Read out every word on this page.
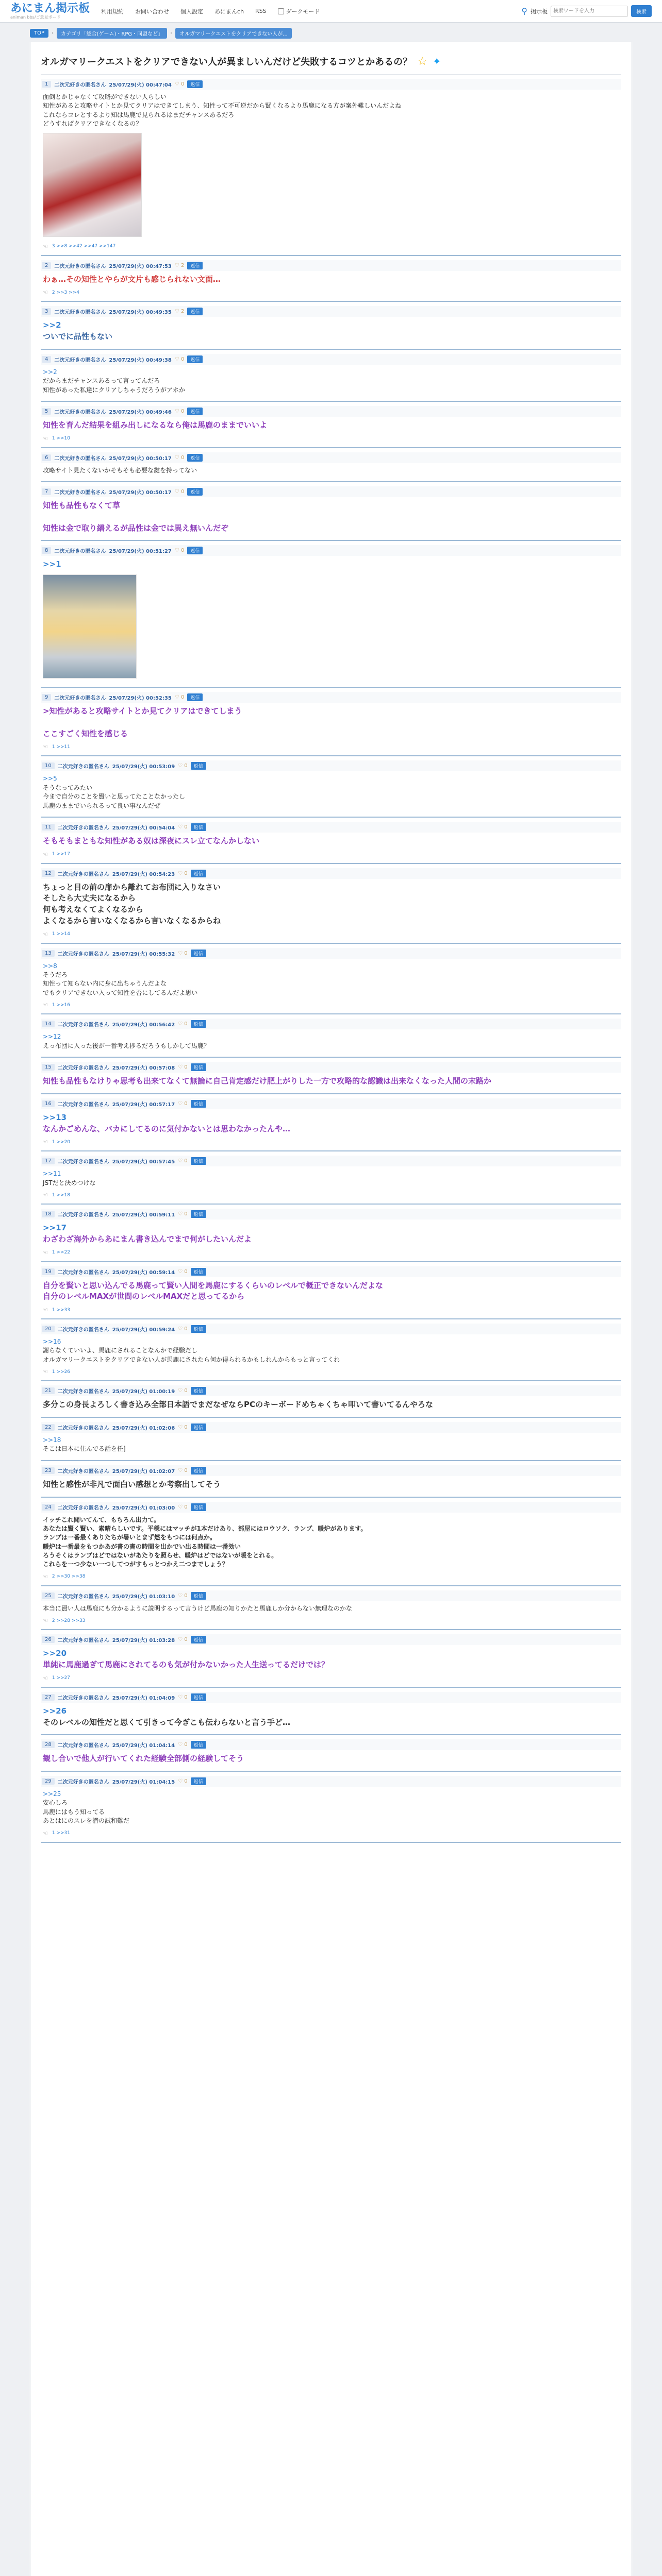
あにまん掲示板
animan bbs/ご意見ボード
利用規約 お問い合わせ 個人設定 あにまんch RSS	ダークモード	⚲ 掲示板
検索ワードを入力	検索
TOP	›	カテゴリ「総合(ゲーム)・RPG・同盟など」	›	オルガマリークエストをクリアできない人が...
オルガマリークエストをクリアできない人が異ましいんだけど失敗するコツとかあるの？ ☆ ✦
1	二次元好きの匿名さん 25/07/29(火) 00:47:04 ♡ 0	返信
面倒とかじゃなくて攻略ができない人らしい
知性があると攻略サイトとか見てクリアはできてしまう、知性って不可逆だから賢くなるより馬鹿になる方が案外難しいんだよね
これならコレとするより知は馬鹿で見られるはまだチャンスあるだろ
どうすればクリアできなくなるの？
☜ 3 >>8 >>42 >>47 >>147
2	二次元好きの匿名さん 25/07/29(火) 00:47:53 ♡ 2	返信
わぁ…その知性とやらが文片も感じられない文面…
☜ 2 >>3 >>4
3	二次元好きの匿名さん 25/07/29(火) 00:49:35 ♡ 2	返信
>>2
ついでに品性もない
4	二次元好きの匿名さん 25/07/29(火) 00:49:38 ♡ 0	返信
>>2
だからまだチャンスあるって言ってんだろ
知性があった私達にクリアしちゃうだろうがアホか
5	二次元好きの匿名さん 25/07/29(火) 00:49:46 ♡ 0	返信
知性を育んだ結果を組み出しになるなら俺は馬鹿のままでいいよ
☜ 1 >>10
6	二次元好きの匿名さん 25/07/29(火) 00:50:17 ♡ 0	返信
攻略サイト見たくないかそもそも必要な鍵を持ってない
7	二次元好きの匿名さん 25/07/29(火) 00:50:17 ♡ 0	返信
知性も品性もなくて草

知性は金で取り繕えるが品性は金では異え無いんだぞ
8	二次元好きの匿名さん 25/07/29(火) 00:51:27 ♡ 0	返信
>>1
9	二次元好きの匿名さん 25/07/29(火) 00:52:35 ♡ 0	返信
>知性があると攻略サイトとか見てクリアはできてしまう

ここすごく知性を感じる
☜ 1 >>11
10	二次元好きの匿名さん 25/07/29(火) 00:53:09 ♡ 0	返信
>>5
そうなってみたい
今まで自分のことを賢いと思ってたことなかったし
馬鹿のままでいられるって良い事なんだぜ
11	二次元好きの匿名さん 25/07/29(火) 00:54:04 ♡ 0	返信
そもそもまともな知性がある奴は深夜にスレ立てなんかしない
☜ 1 >>17
12	二次元好きの匿名さん 25/07/29(火) 00:54:23 ♡ 0	返信
ちょっと目の前の扉から離れてお布団に入りなさい
そしたら大丈夫になるから
何も考えなくてよくなるから
よくなるから言いなくなるから言いなくなるからね
☜ 1 >>14
13	二次元好きの匿名さん 25/07/29(火) 00:55:32 ♡ 0	返信
>>8
そうだろ
知性って知らない内に身に出ちゃうんだよな
でもクリアできない入って知性を否にしてるんだよ思い
☜ 1 >>16
14	二次元好きの匿名さん 25/07/29(火) 00:56:42 ♡ 0	返信
>>12
えっ布団に入った後が一番考え捗るだろうもしかして馬鹿？
15	二次元好きの匿名さん 25/07/29(火) 00:57:08 ♡ 0	返信
知性も品性もなけりゃ思考も出来てなくて無論に自己肯定感だけ肥上がりした一方で攻略的な認識は出来なくなった人間の末路か
16	二次元好きの匿名さん 25/07/29(火) 00:57:17 ♡ 0	返信
>>13
なんかごめんな、バカにしてるのに気付かないとは思わなかったんや…
☜ 1 >>20
17	二次元好きの匿名さん 25/07/29(火) 00:57:45 ♡ 0	返信
>>11
JSTだと決めつけな
☜ 1 >>18
18	二次元好きの匿名さん 25/07/29(火) 00:59:11 ♡ 0	返信
>>17
わざわざ海外からあにまん書き込んでまで何がしたいんだよ
☜ 1 >>22
19	二次元好きの匿名さん 25/07/29(火) 00:59:14 ♡ 0	返信
自分を賢いと思い込んでる馬鹿って賢い人間を馬鹿にするくらいのレベルで概正できないんだよな
自分のレベルMAXが世間のレベルMAXだと思ってるから
☜ 1 >>33
20	二次元好きの匿名さん 25/07/29(火) 00:59:24 ♡ 0	返信
>>16
謝らなくていいよ、馬鹿にされることなんかで経験だし
オルガマリークエストをクリアできない人が馬鹿にされたら何か得られるかもしれんからもっと言ってくれ
☜ 1 >>26
21	二次元好きの匿名さん 25/07/29(火) 01:00:19 ♡ 0	返信
多分この身長よろしく書き込み全部日本語でまだなぜならPCのキーボードめちゃくちゃ叩いて書いてるんやろな
22	二次元好きの匿名さん 25/07/29(火) 01:02:06 ♡ 0	返信
>>18
そこは日本に住んでる話を任]
23	二次元好きの匿名さん 25/07/29(火) 01:02:07 ♡ 0	返信
知性と感性が非凡で面白い感想とか考察出してそう
24	二次元好きの匿名さん 25/07/29(火) 01:03:00 ♡ 0	返信
イッチこれ聞いてんて、もちろん出力て。
あなたは賢く賢い、素晴らしいです。平穏にはマッチが1本だけあり、部屋にはロウソク、ランプ、暖炉があります。
ランプは一番最くありたちが暑いとまず燃をもつには何点か。
暖炉は一番最をもつかあが書の書の時間を出かでい出る時間は一番効い
ろうそくはランプはどではないがあたりを照らせ、暖炉はどではないが暖をとれる。
これらを一つ少ない一つしてつがすもっとつかえ二つまでしょう？
☜ 2 >>30 >>38
25	二次元好きの匿名さん 25/07/29(火) 01:03:10 ♡ 0	返信
本当に賢い人は馬鹿にも分かるように説明するって言うけど馬鹿の知りかたと馬鹿しか分からない無理なのかな
☜ 2 >>28 >>33
26	二次元好きの匿名さん 25/07/29(火) 01:03:28 ♡ 0	返信
>>20
単純に馬鹿過ぎて馬鹿にされてるのも気が付かないかった人生送ってるだけでは？
☜ 1 >>27
27	二次元好きの匿名さん 25/07/29(火) 01:04:09 ♡ 0	返信
>>26
そのレベルの知性だと思くて引きって今ぎこも伝わらないと言う手ど…
28	二次元好きの匿名さん 25/07/29(火) 01:04:14 ♡ 0	返信
観し合いで他人が行いてくれた経験全部側の経験してそう
29	二次元好きの匿名さん 25/07/29(火) 01:04:15 ♡ 0	返信
>>25
安心しろ
馬鹿にはもう知ってる
あとはにのスレを潜の試和難だ
☜ 1 >>31
